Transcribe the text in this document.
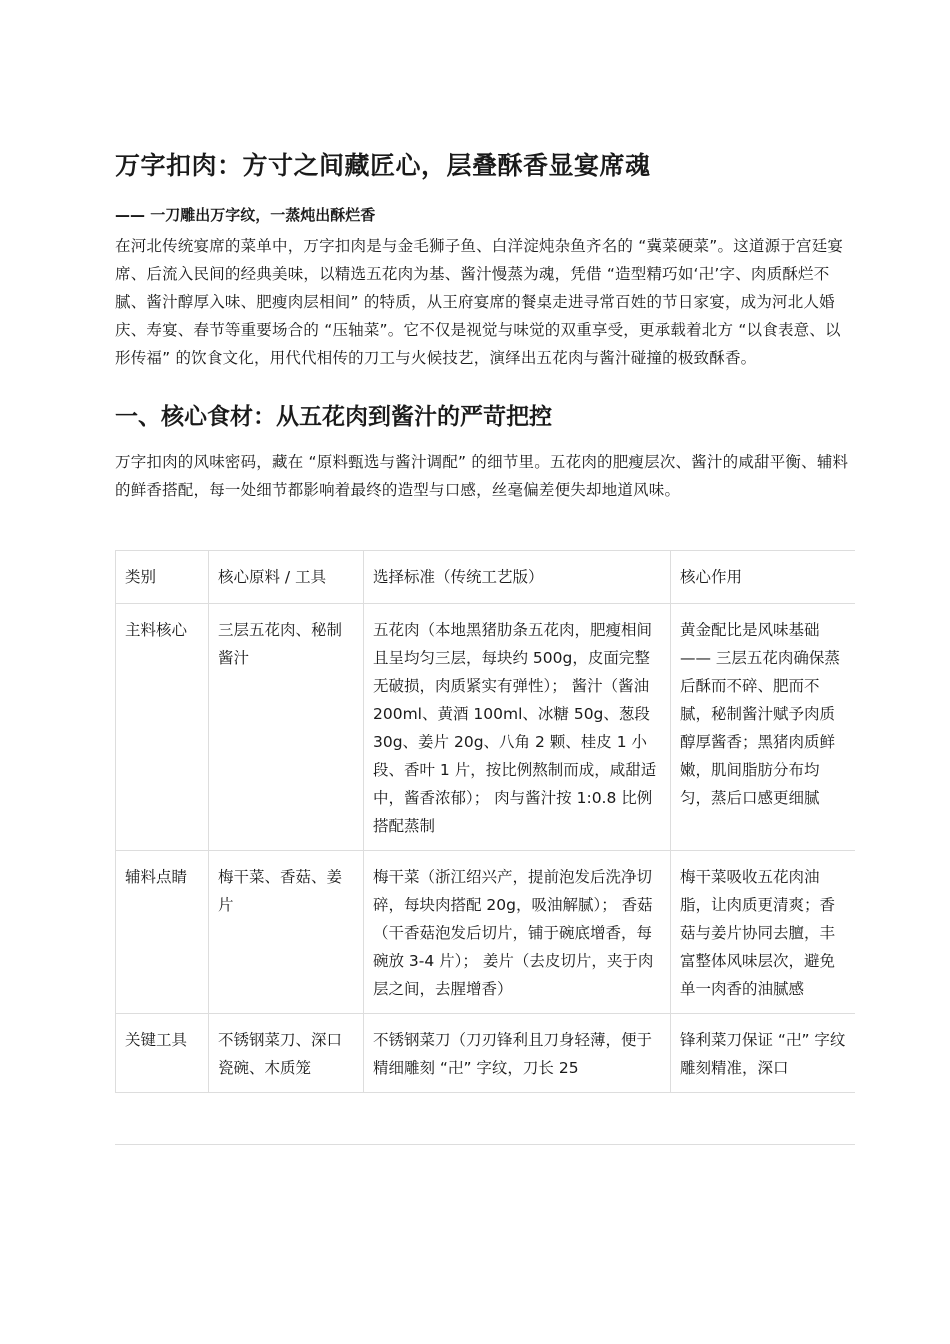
万字扣肉：方寸之间藏匠心，层叠酥香显宴席魂

—— 一刀雕出万字纹，一蒸炖出酥烂香

在河北传统宴席的菜单中，万字扣肉是与金毛狮子鱼、白洋淀炖杂鱼齐名的 “冀菜硬菜”。这道源于宫廷宴席、后流入民间的经典美味，以精选五花肉为基、酱汁慢蒸为魂，凭借 “造型精巧如‘卍’字、肉质酥烂不腻、酱汁醇厚入味、肥瘦肉层相间” 的特质，从王府宴席的餐桌走进寻常百姓的节日家宴，成为河北人婚庆、寿宴、春节等重要场合的 “压轴菜”。它不仅是视觉与味觉的双重享受，更承载着北方 “以食表意、以形传福” 的饮食文化，用代代相传的刀工与火候技艺，演绎出五花肉与酱汁碰撞的极致酥香。

一、核心食材：从五花肉到酱汁的严苛把控

万字扣肉的风味密码，藏在 “原料甄选与酱汁调配” 的细节里。五花肉的肥瘦层次、酱汁的咸甜平衡、辅料的鲜香搭配，每一处细节都影响着最终的造型与口感，丝毫偏差便失却地道风味。

类别	核心原料 / 工具	选择标准（传统工艺版）	核心作用
主料核心	三层五花肉、秘制酱汁	五花肉（本地黑猪肋条五花肉，肥瘦相间且呈均匀三层，每块约 500g，皮面完整无破损，肉质紧实有弹性）； 酱汁（酱油 200ml、黄酒 100ml、冰糖 50g、葱段 30g、姜片 20g、八角 2 颗、桂皮 1 小段、香叶 1 片，按比例熬制而成，咸甜适中，酱香浓郁）； 肉与酱汁按 1:0.8 比例搭配蒸制	黄金配比是风味基础 —— 三层五花肉确保蒸后酥而不碎、肥而不腻，秘制酱汁赋予肉质醇厚酱香；黑猪肉质鲜嫩，肌间脂肪分布均匀，蒸后口感更细腻
辅料点睛	梅干菜、香菇、姜片	梅干菜（浙江绍兴产，提前泡发后洗净切碎，每块肉搭配 20g，吸油解腻）； 香菇（干香菇泡发后切片，铺于碗底增香，每碗放 3-4 片）； 姜片（去皮切片，夹于肉层之间，去腥增香）	梅干菜吸收五花肉油脂，让肉质更清爽；香菇与姜片协同去膻，丰富整体风味层次，避免单一肉香的油腻感
关键工具	不锈钢菜刀、深口瓷碗、木质笼	不锈钢菜刀（刀刃锋利且刀身轻薄，便于精细雕刻 “卍” 字纹，刀长 25	锋利菜刀保证 “卍” 字纹雕刻精准，深口
